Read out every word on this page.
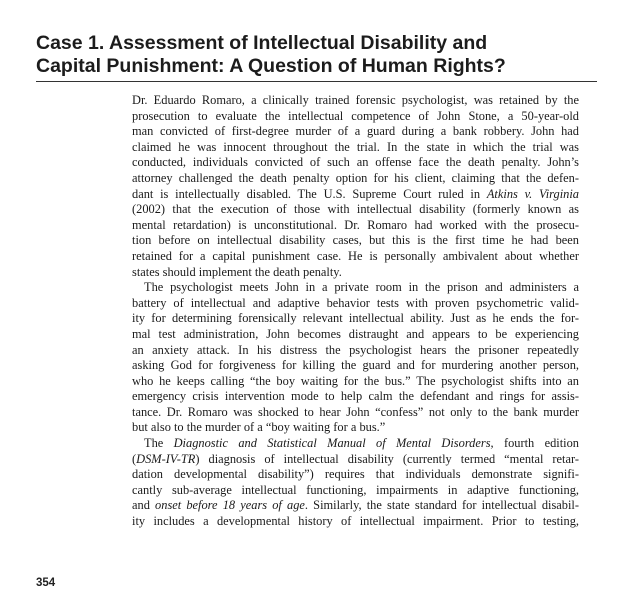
Case 1. Assessment of Intellectual Disability and
Capital Punishment: A Question of Human Rights?
Dr. Eduardo Romaro, a clinically trained forensic psychologist, was retained by the
prosecution to evaluate the intellectual competence of John Stone, a 50-year-old
man convicted of first-degree murder of a guard during a bank robbery. John had
claimed he was innocent throughout the trial. In the state in which the trial was
conducted, individuals convicted of such an offense face the death penalty. John’s
attorney challenged the death penalty option for his client, claiming that the defen-
dant is intellectually disabled. The U.S. Supreme Court ruled in Atkins v. Virginia
(2002) that the execution of those with intellectual disability (formerly known as
mental retardation) is unconstitutional. Dr. Romaro had worked with the prosecu-
tion before on intellectual disability cases, but this is the first time he had been
retained for a capital punishment case. He is personally ambivalent about whether
states should implement the death penalty.
The psychologist meets John in a private room in the prison and administers a
battery of intellectual and adaptive behavior tests with proven psychometric valid-
ity for determining forensically relevant intellectual ability. Just as he ends the for-
mal test administration, John becomes distraught and appears to be experiencing
an anxiety attack. In his distress the psychologist hears the prisoner repeatedly
asking God for forgiveness for killing the guard and for murdering another person,
who he keeps calling “the boy waiting for the bus.” The psychologist shifts into an
emergency crisis intervention mode to help calm the defendant and rings for assis-
tance. Dr. Romaro was shocked to hear John “confess” not only to the bank murder
but also to the murder of a “boy waiting for a bus.”
The Diagnostic and Statistical Manual of Mental Disorders, fourth edition
(DSM-IV-TR) diagnosis of intellectual disability (currently termed “mental retar-
dation developmental disability”) requires that individuals demonstrate signifi-
cantly sub-average intellectual functioning, impairments in adaptive functioning,
and onset before 18 years of age. Similarly, the state standard for intellectual disabil-
ity includes a developmental history of intellectual impairment. Prior to testing,
354
